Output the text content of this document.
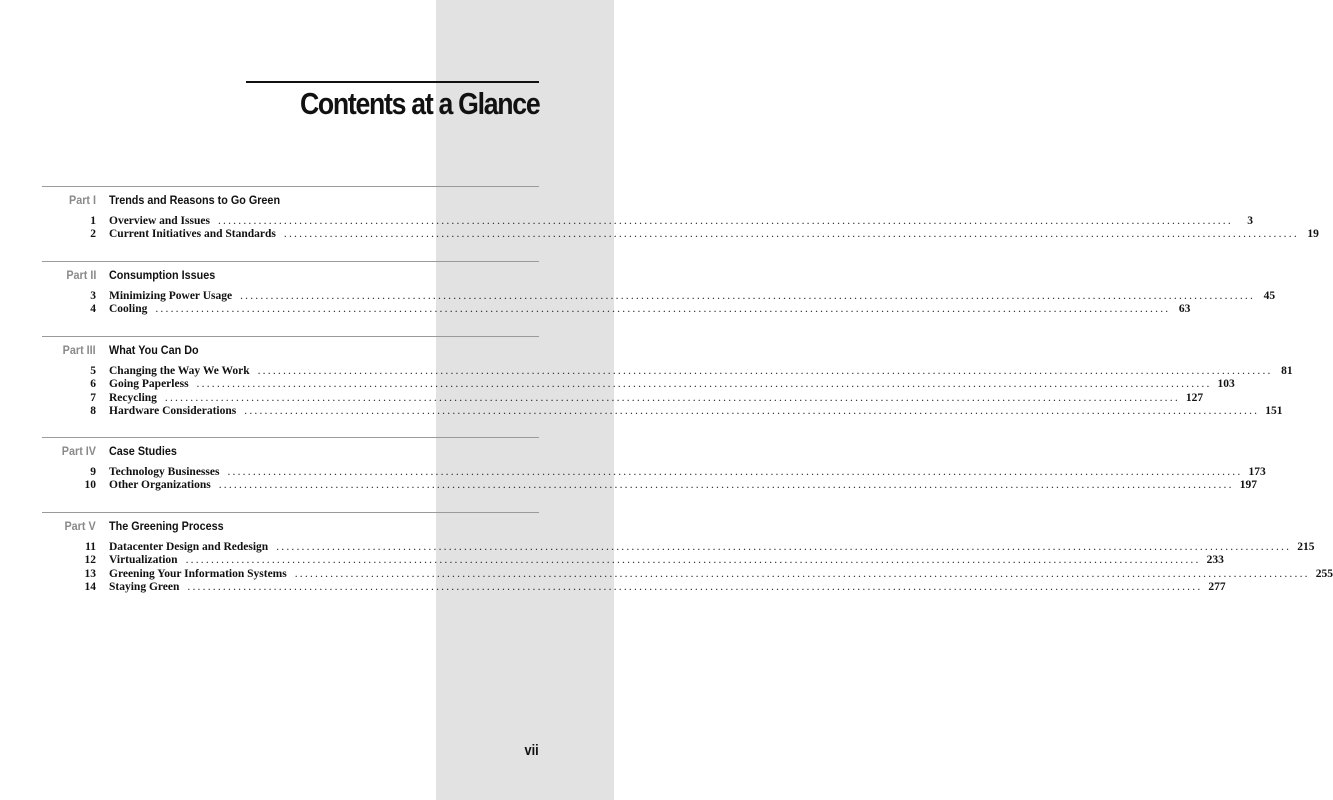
Contents at a Glance
Part I Trends and Reasons to Go Green
1 Overview and Issues ........................................................................................................................................................................................................	3
2 Current Initiatives and Standards ........................................................................................................................................................................................................ 19
Part II Consumption Issues
3 Minimizing Power Usage ........................................................................................................................................................................................................ 45
4 Cooling ........................................................................................................................................................................................................ 63
Part III What You Can Do
5 Changing the Way We Work ........................................................................................................................................................................................................ 81
6 Going Paperless ........................................................................................................................................................................................................ 103
7 Recycling ........................................................................................................................................................................................................ 127
8 Hardware Considerations ........................................................................................................................................................................................................ 151
Part IV Case Studies
9 Technology Businesses ........................................................................................................................................................................................................ 173
10 Other Organizations ........................................................................................................................................................................................................ 197
Part V The Greening Process
11 Datacenter Design and Redesign ........................................................................................................................................................................................................ 215
12 Virtualization ........................................................................................................................................................................................................ 233
13 Greening Your Information Systems ........................................................................................................................................................................................................ 255
14 Staying Green ........................................................................................................................................................................................................ 277
vii
